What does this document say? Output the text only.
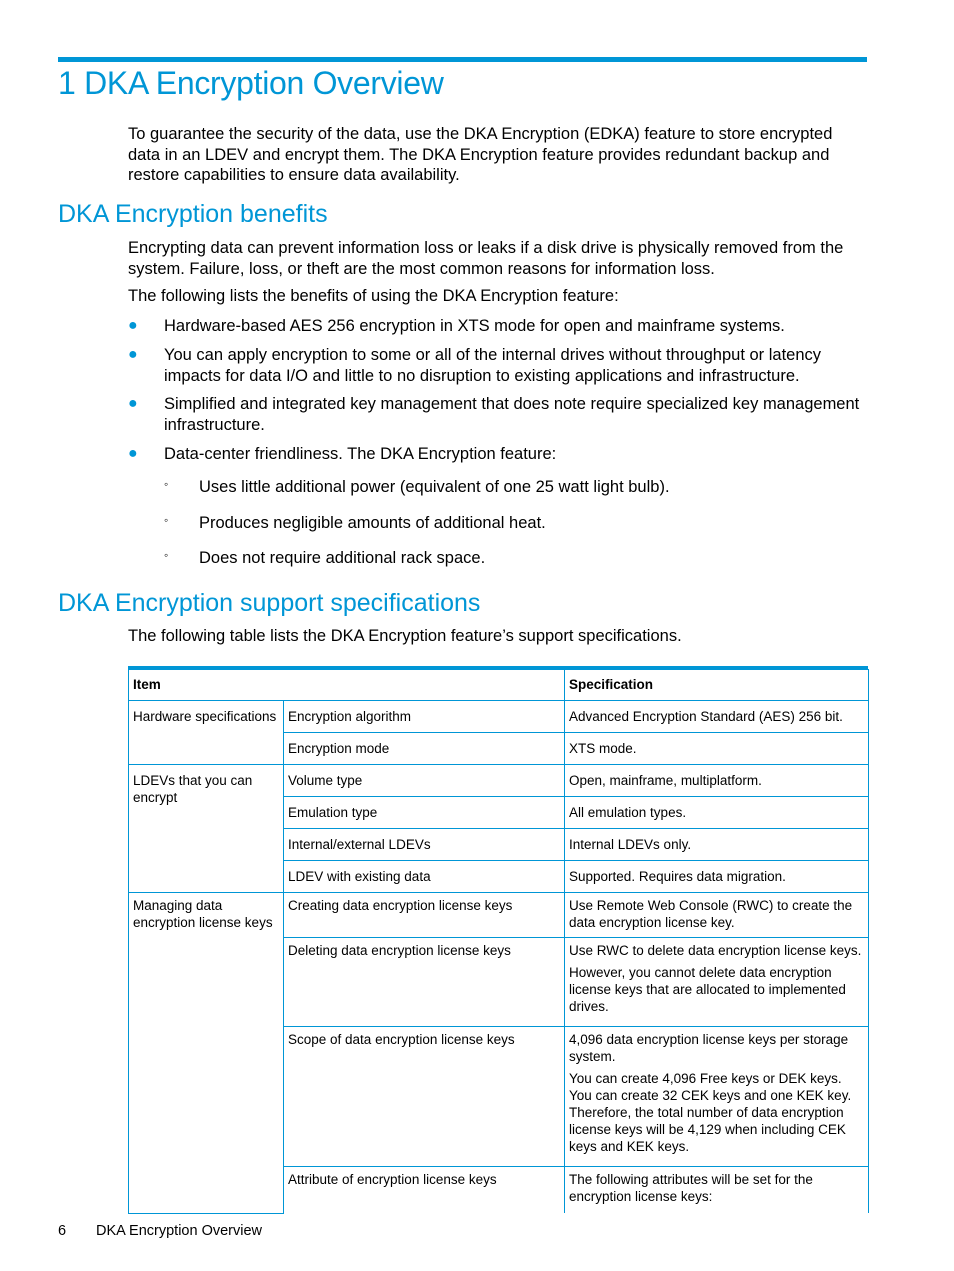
1 DKA Encryption Overview

To guarantee the security of the data, use the DKA Encryption (EDKA) feature to store encrypted data in an LDEV and encrypt them. The DKA Encryption feature provides redundant backup and restore capabilities to ensure data availability.

DKA Encryption benefits

Encrypting data can prevent information loss or leaks if a disk drive is physically removed from the system. Failure, loss, or theft are the most common reasons for information loss.

The following lists the benefits of using the DKA Encryption feature:

● Hardware-based AES 256 encryption in XTS mode for open and mainframe systems.
● You can apply encryption to some or all of the internal drives without throughput or latency impacts for data I/O and little to no disruption to existing applications and infrastructure.
● Simplified and integrated key management that does note require specialized key management infrastructure.
● Data-center friendliness. The DKA Encryption feature:
◦ Uses little additional power (equivalent of one 25 watt light bulb).
◦ Produces negligible amounts of additional heat.
◦ Does not require additional rack space.
DKA Encryption support specifications

The following table lists the DKA Encryption feature’s support specifications.

Item		Specification
Hardware specifications	Encryption algorithm	Advanced Encryption Standard (AES) 256 bit.
	Encryption mode	XTS mode.
LDEVs that you can encrypt	Volume type	Open, mainframe, multiplatform.
	Emulation type	All emulation types.
	Internal/external LDEVs	Internal LDEVs only.
	LDEV with existing data	Supported. Requires data migration.
Managing data encryption license keys	Creating data encryption license keys	Use Remote Web Console (RWC) to create the data encryption license key.
	Deleting data encryption license keys	Use RWC to delete data encryption license keys.

However, you cannot delete data encryption license keys that are allocated to implemented drives.

	Scope of data encryption license keys	4,096 data encryption license keys per storage system.

You can create 4,096 Free keys or DEK keys. You can create 32 CEK keys and one KEK key. Therefore, the total number of data encryption license keys will be 4,129 when including CEK keys and KEK keys.

	Attribute of encryption license keys	The following attributes will be set for the encryption license keys:
6 DKA Encryption Overview
